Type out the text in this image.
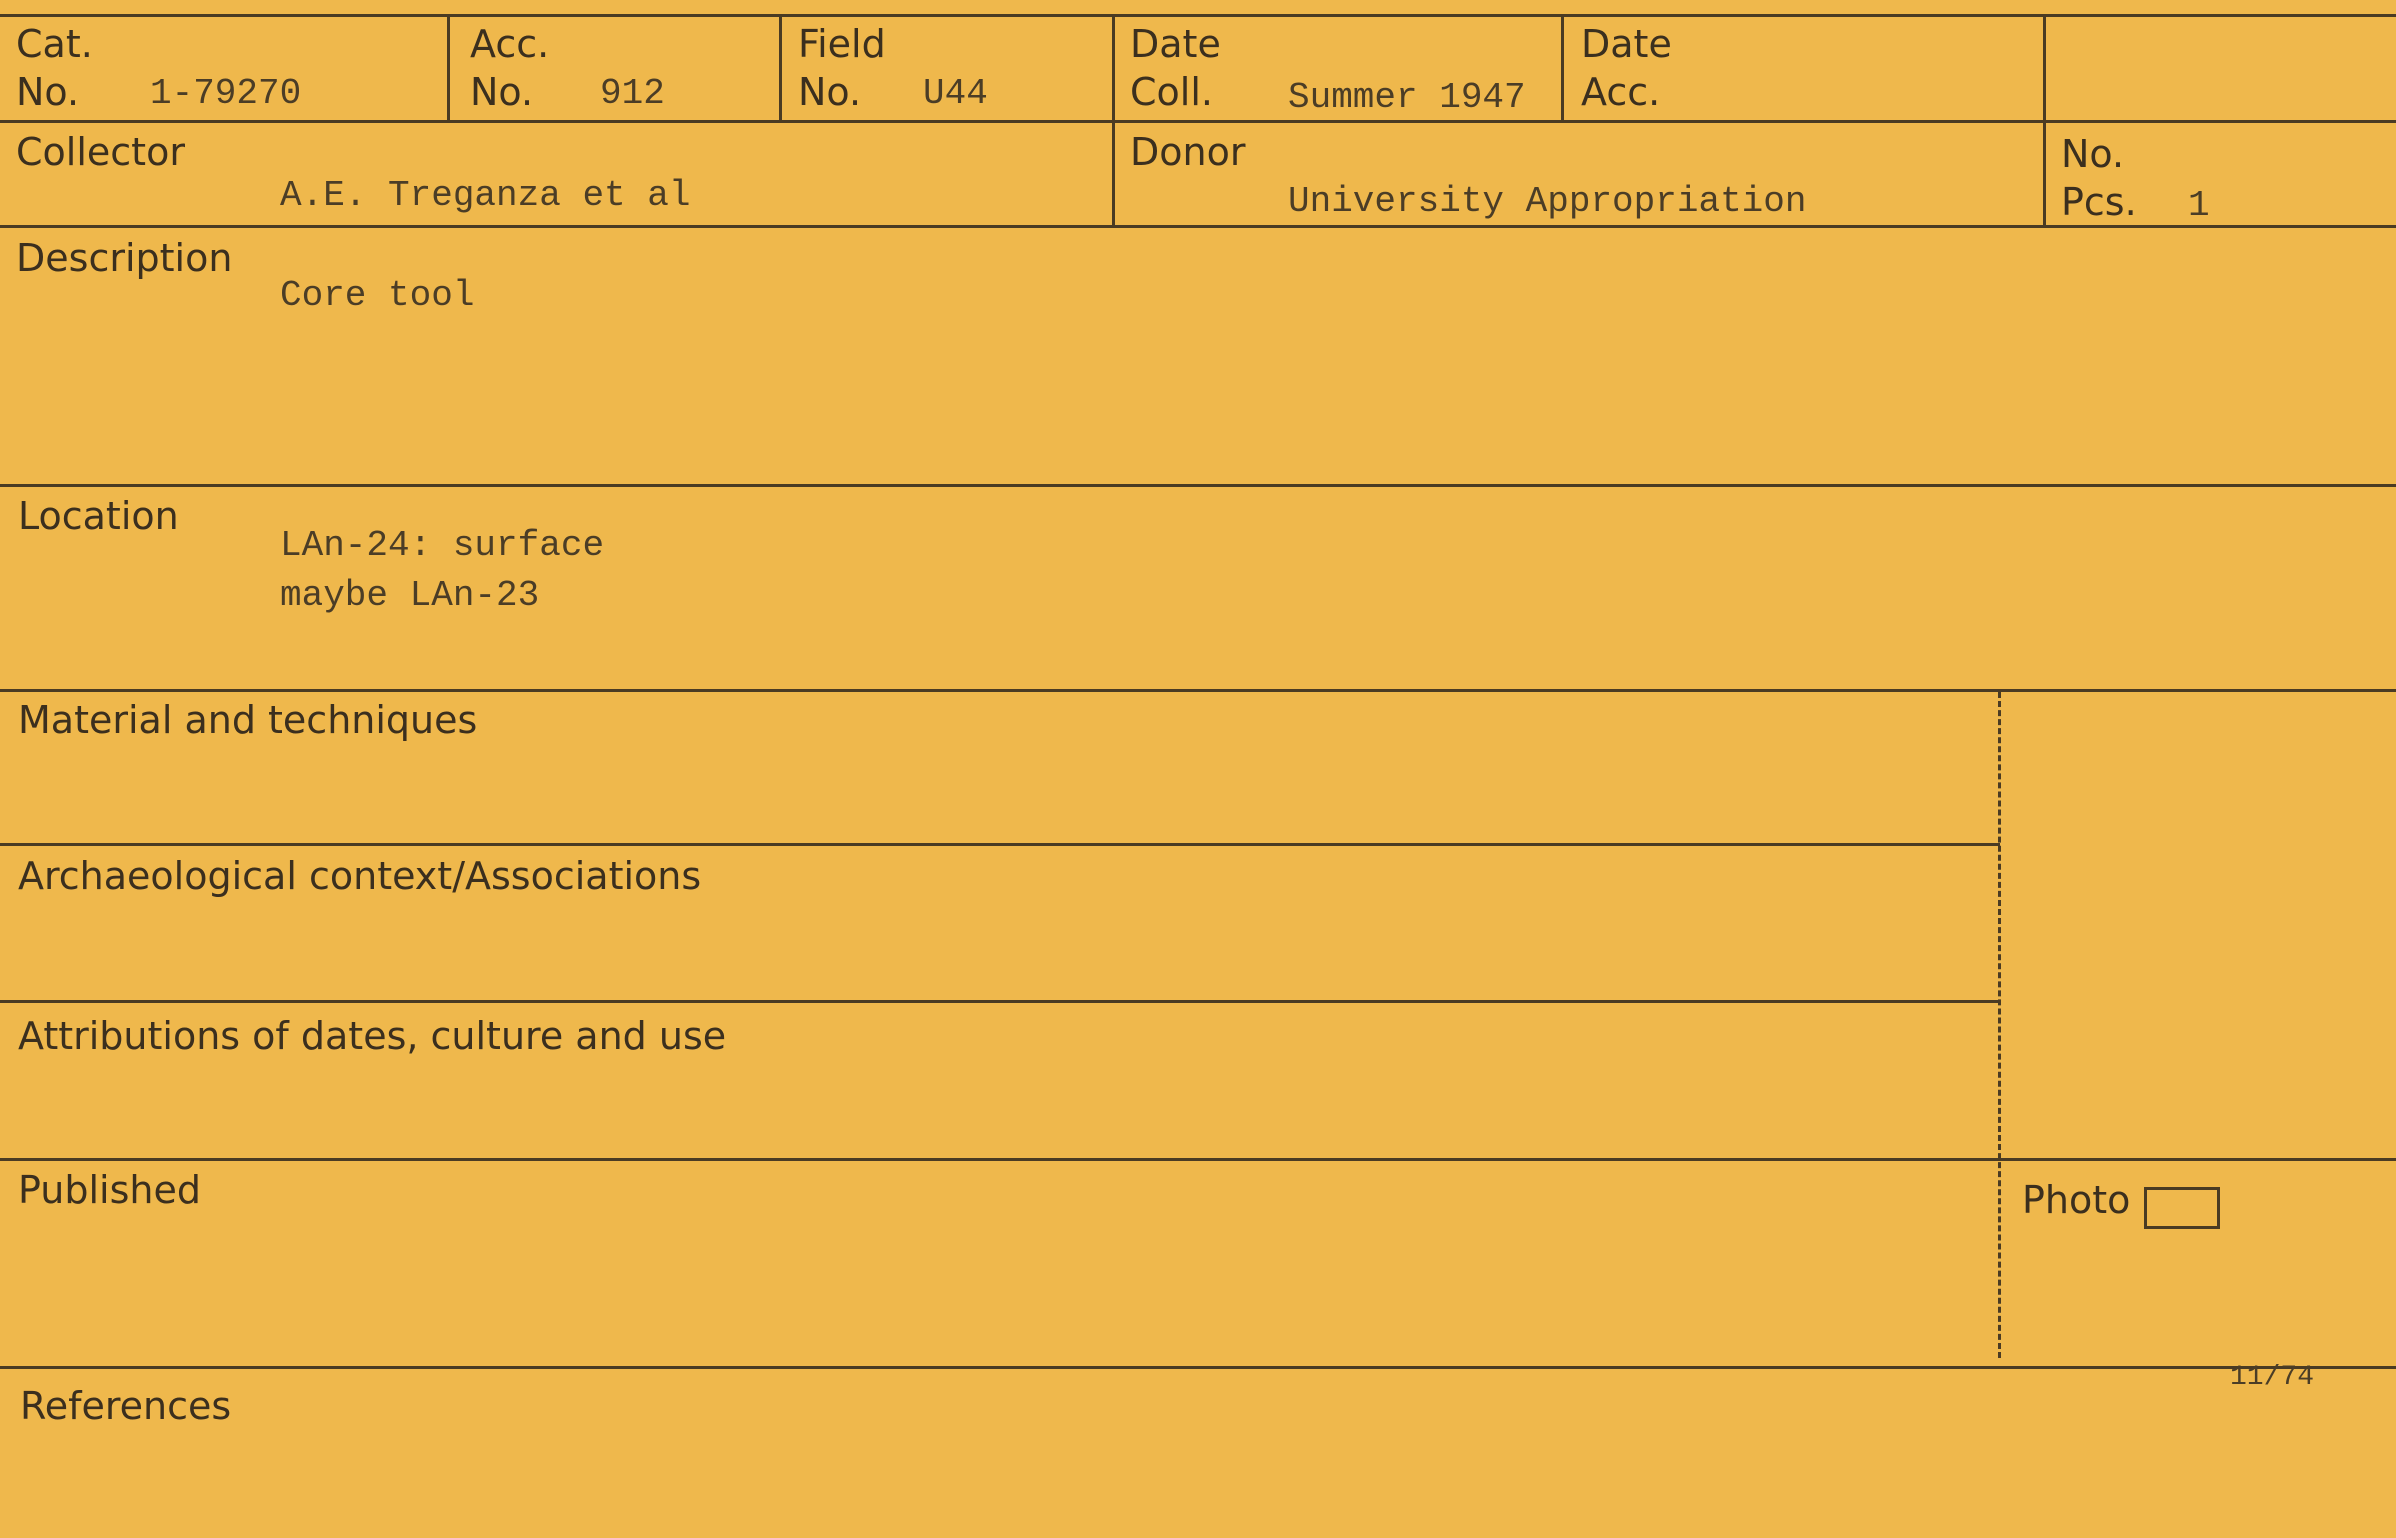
Cat.
No. 1-79270
Acc.
No. 912
Field
No. U44
Date
Coll. Summer 1947
Date
Acc.
Collector
A.E. Treganza et al
Donor
University Appropriation
No.
Pcs. 1
Description
Core tool
Location
LAn-24: surface
maybe LAn-23
Material and techniques
Archaeological context/Associations
Attributions of dates, culture and use
Published	Photo
References
11/74
